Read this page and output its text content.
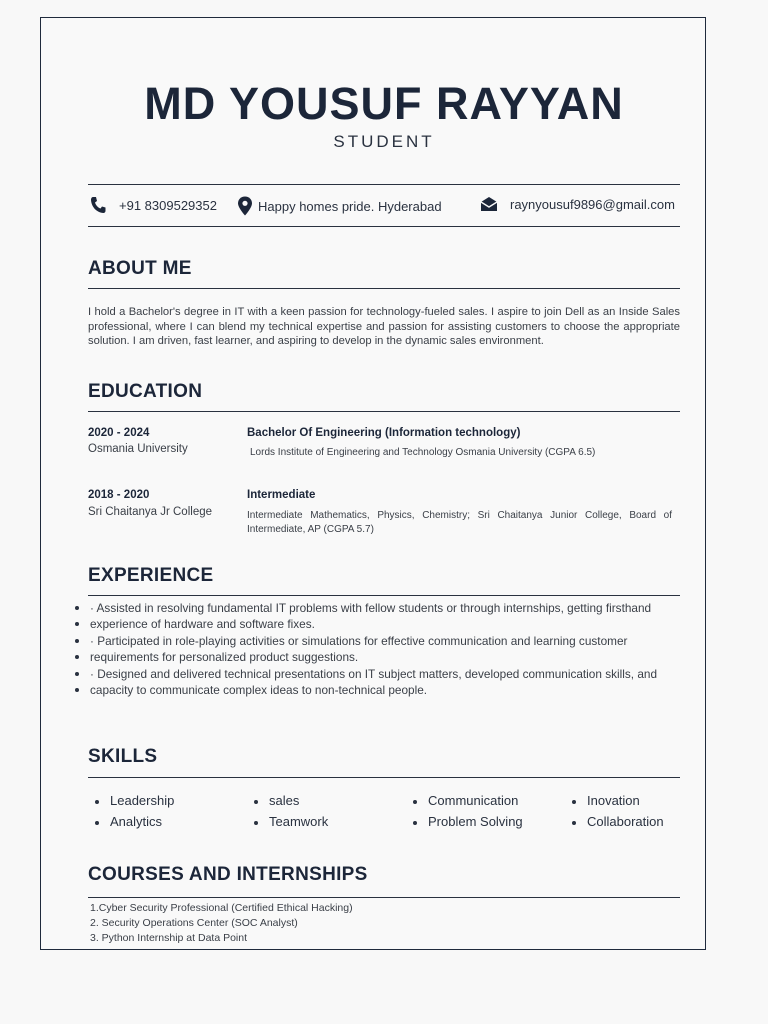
MD YOUSUF RAYYAN
STUDENT
+91 8309529352	Happy homes pride. Hyderabad	raynyousuf9896@gmail.com
ABOUT ME
I hold a Bachelor's degree in IT with a keen passion for technology-fueled sales. I aspire to join Dell as an Inside Sales professional, where I can blend my technical expertise and passion for assisting customers to choose the appropriate solution. I am driven, fast learner, and aspiring to develop in the dynamic sales environment.
EDUCATION
2020 - 2024
Osmania University
Bachelor Of Engineering (Information technology)
Lords Institute of Engineering and Technology Osmania University (CGPA 6.5)
2018 - 2020
Sri Chaitanya Jr College
Intermediate
Intermediate Mathematics, Physics, Chemistry; Sri Chaitanya Junior College, Board of Intermediate, AP (CGPA 5.7)
EXPERIENCE
· Assisted in resolving fundamental IT problems with fellow students or through internships, getting firsthand
experience of hardware and software fixes.
· Participated in role-playing activities or simulations for effective communication and learning customer
requirements for personalized product suggestions.
· Designed and delivered technical presentations on IT subject matters, developed communication skills, and
capacity to communicate complex ideas to non-technical people.
SKILLS
Leadership
Analytics
sales
Teamwork
Communication
Problem Solving
Inovation
Collaboration
COURSES AND INTERNSHIPS
1.Cyber Security Professional (Certified Ethical Hacking)
2. Security Operations Center (SOC Analyst)
3. Python Internship at Data Point
